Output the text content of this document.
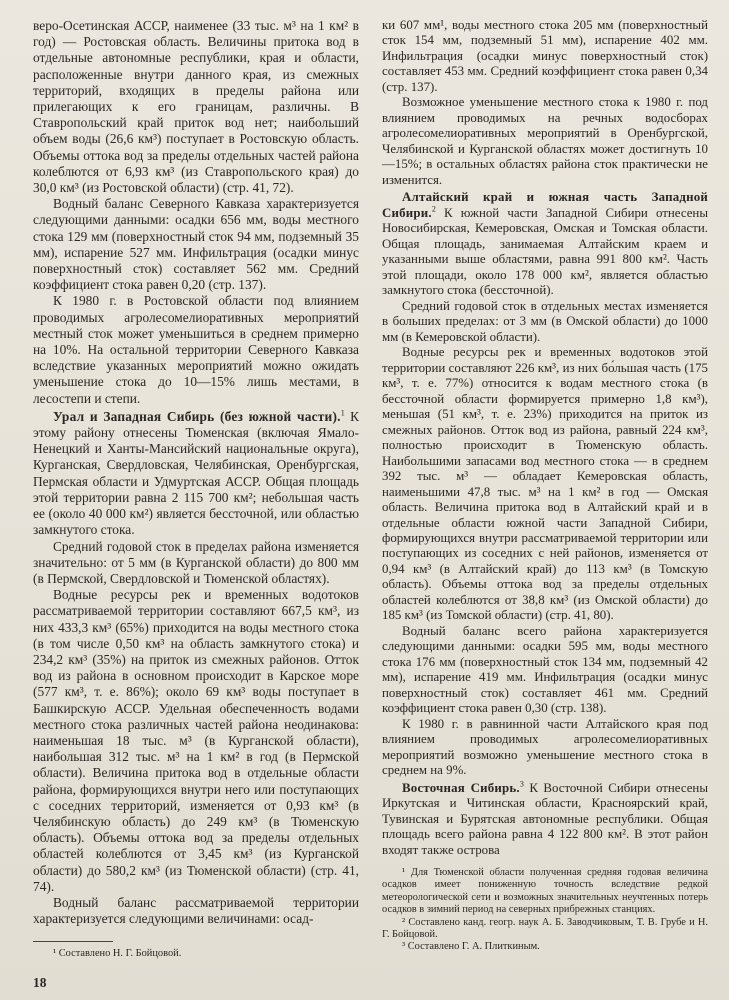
веро-Осетинская АССР, наименее (33 тыс. м³ на 1 км² в год) — Ростовская область. Величины притока вод в отдельные автономные республики, края и области, расположенные внутри данного края, из смежных территорий, входящих в пределы района или прилегающих к его границам, различны. В Ставропольский край приток вод нет; наибольший объем воды (26,6 км³) поступает в Ростовскую область. Объемы оттока вод за пределы отдельных частей района колеблются от 6,93 км³ (из Ставропольского края) до 30,0 км³ (из Ростовской области) (стр. 41, 72).

Водный баланс Северного Кавказа характеризуется следующими данными: осадки 656 мм, воды местного стока 129 мм (поверхностный сток 94 мм, подземный 35 мм), испарение 527 мм. Инфильтрация (осадки минус поверхностный сток) составляет 562 мм. Средний коэффициент стока равен 0,20 (стр. 137).

К 1980 г. в Ростовской области под влиянием проводимых агролесомелиоративных мероприятий местный сток может уменьшиться в среднем примерно на 10%. На остальной территории Северного Кавказа вследствие указанных мероприятий можно ожидать уменьшение стока до 10—15% лишь местами, в лесостепи и степи.

Урал и Западная Сибирь (без южной части).$^1$ К этому району отнесены Тюменская (включая Ямало-Ненецкий и Ханты-Мансийский национальные округа), Курганская, Свердловская, Челябинская, Оренбургская, Пермская области и Удмуртская АССР. Общая площадь этой территории равна 2 115 700 км²; небольшая часть ее (около 40 000 км²) является бессточной, или областью замкнутого стока.

Средний годовой сток в пределах района изменяется значительно: от 5 мм (в Курганской области) до 800 мм (в Пермской, Свердловской и Тюменской областях).

Водные ресурсы рек и временных водотоков рассматриваемой территории составляют 667,5 км³, из них 433,3 км³ (65%) приходится на воды местного стока (в том числе 0,50 км³ на область замкнутого стока) и 234,2 км³ (35%) на приток из смежных районов. Отток вод из района в основном происходит в Карское море (577 км³, т. е. 86%); около 69 км³ воды поступает в Башкирскую АССР. Удельная обеспеченность водами местного стока различных частей района неодинакова: наименьшая 18 тыс. м³ (в Курганской области), наибольшая 312 тыс. м³ на 1 км² в год (в Пермской области). Величина притока вод в отдельные области района, формирующихся внутри него или поступающих с соседних территорий, изменяется от 0,93 км³ (в Челябинскую область) до 249 км³ (в Тюменскую область). Объемы оттока вод за пределы отдельных областей колеблются от 3,45 км³ (из Курганской области) до 580,2 км³ (из Тюменской области) (стр. 41, 74).

Водный баланс рассматриваемой территории характеризуется следующими величинами: осад-

¹ Составлено Н. Г. Бойцовой.

ки 607 мм¹, воды местного стока 205 мм (поверхностный сток 154 мм, подземный 51 мм), испарение 402 мм. Инфильтрация (осадки минус поверхностный сток) составляет 453 мм. Средний коэффициент стока равен 0,34 (стр. 137).

Возможное уменьшение местного стока к 1980 г. под влиянием проводимых на речных водосборах агролесомелиоративных мероприятий в Оренбургской, Челябинской и Курганской областях может достигнуть 10—15%; в остальных областях района сток практически не изменится.

Алтайский край и южная часть Западной Сибири.$^2$ К южной части Западной Сибири отнесены Новосибирская, Кемеровская, Омская и Томская области. Общая площадь, занимаемая Алтайским краем и указанными выше областями, равна 991 800 км². Часть этой площади, около 178 000 км², является областью замкнутого стока (бессточной).

Средний годовой сток в отдельных местах изменяется в больших пределах: от 3 мм (в Омской области) до 1000 мм (в Кемеровской области).

Водные ресурсы рек и временных водотоков этой территории составляют 226 км³, из них бо́льшая часть (175 км³, т. е. 77%) относится к водам местного стока (в бессточной области формируется примерно 1,8 км³), меньшая (51 км³, т. е. 23%) приходится на приток из смежных районов. Отток вод из района, равный 224 км³, полностью происходит в Тюменскую область. Наибольшими запасами вод местного стока — в среднем 392 тыс. м³ — обладает Кемеровская область, наименьшими 47,8 тыс. м³ на 1 км² в год — Омская область. Величина притока вод в Алтайский край и в отдельные области южной части Западной Сибири, формирующихся внутри рассматриваемой территории или поступающих из соседних с ней районов, изменяется от 0,94 км³ (в Алтайский край) до 113 км³ (в Томскую область). Объемы оттока вод за пределы отдельных областей колеблются от 38,8 км³ (из Омской области) до 185 км³ (из Томской области) (стр. 41, 80).

Водный баланс всего района характеризуется следующими данными: осадки 595 мм, воды местного стока 176 мм (поверхностный сток 134 мм, подземный 42 мм), испарение 419 мм. Инфильтрация (осадки минус поверхностный сток) составляет 461 мм. Средний коэффициент стока равен 0,30 (стр. 138).

К 1980 г. в равнинной части Алтайского края под влиянием проводимых агролесомелиоративных мероприятий возможно уменьшение местного стока в среднем на 9%.

Восточная Сибирь.$^3$ К Восточной Сибири отнесены Иркутская и Читинская области, Красноярский край, Тувинская и Бурятская автономные республики. Общая площадь всего района равна 4 122 800 км². В этот район входят также острова

¹ Для Тюменской области полученная средняя годовая величина осадков имеет пониженную точность вследствие редкой метеорологической сети и возможных значительных неучтенных потерь осадков в зимний период на северных прибрежных станциях.

² Составлено канд. геогр. наук А. Б. Заводчиковым, Т. В. Грубе и Н. Г. Бойцовой.

³ Составлено Г. А. Плиткиным.

18
